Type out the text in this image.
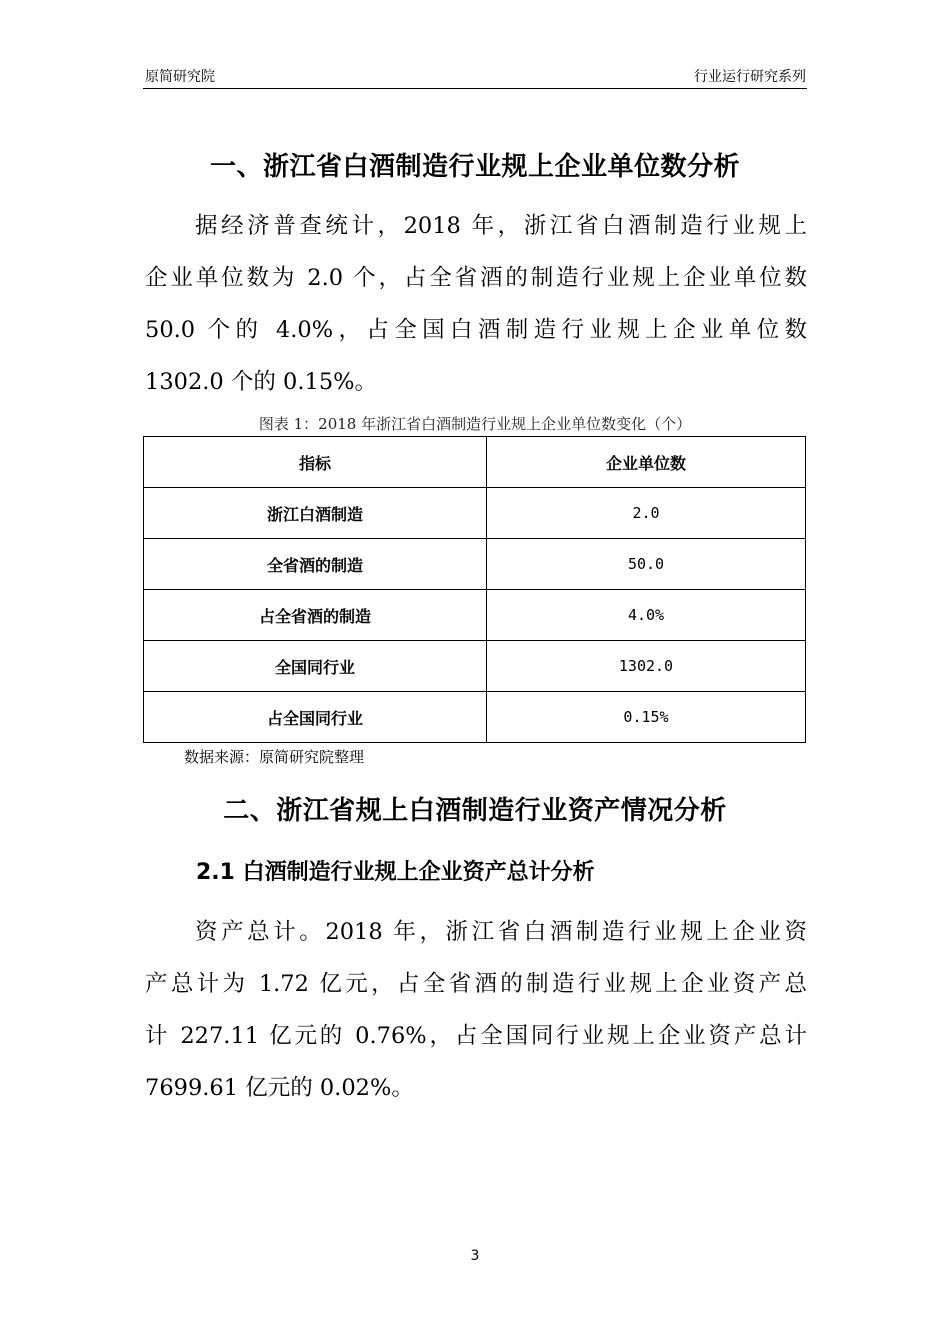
原简研究院	行业运行研究系列
一、浙江省白酒制造行业规上企业单位数分析
据经济普查统计，2018 年，浙江省白酒制造行业规上
企业单位数为 2.0 个，占全省酒的制造行业规上企业单位数
50.0 个的 4.0%，占全国白酒制造行业规上企业单位数
1302.0 个的 0.15%。
图表 1：2018 年浙江省白酒制造行业规上企业单位数变化（个）
指标	企业单位数
浙江白酒制造	2.0
全省酒的制造	50.0
占全省酒的制造	4.0%
全国同行业	1302.0
占全国同行业	0.15%
数据来源：原简研究院整理
二、浙江省规上白酒制造行业资产情况分析
2.1 白酒制造行业规上企业资产总计分析
资产总计。2018 年，浙江省白酒制造行业规上企业资
产总计为 1.72 亿元，占全省酒的制造行业规上企业资产总
计 227.11 亿元的 0.76%，占全国同行业规上企业资产总计
7699.61 亿元的 0.02%。
3
